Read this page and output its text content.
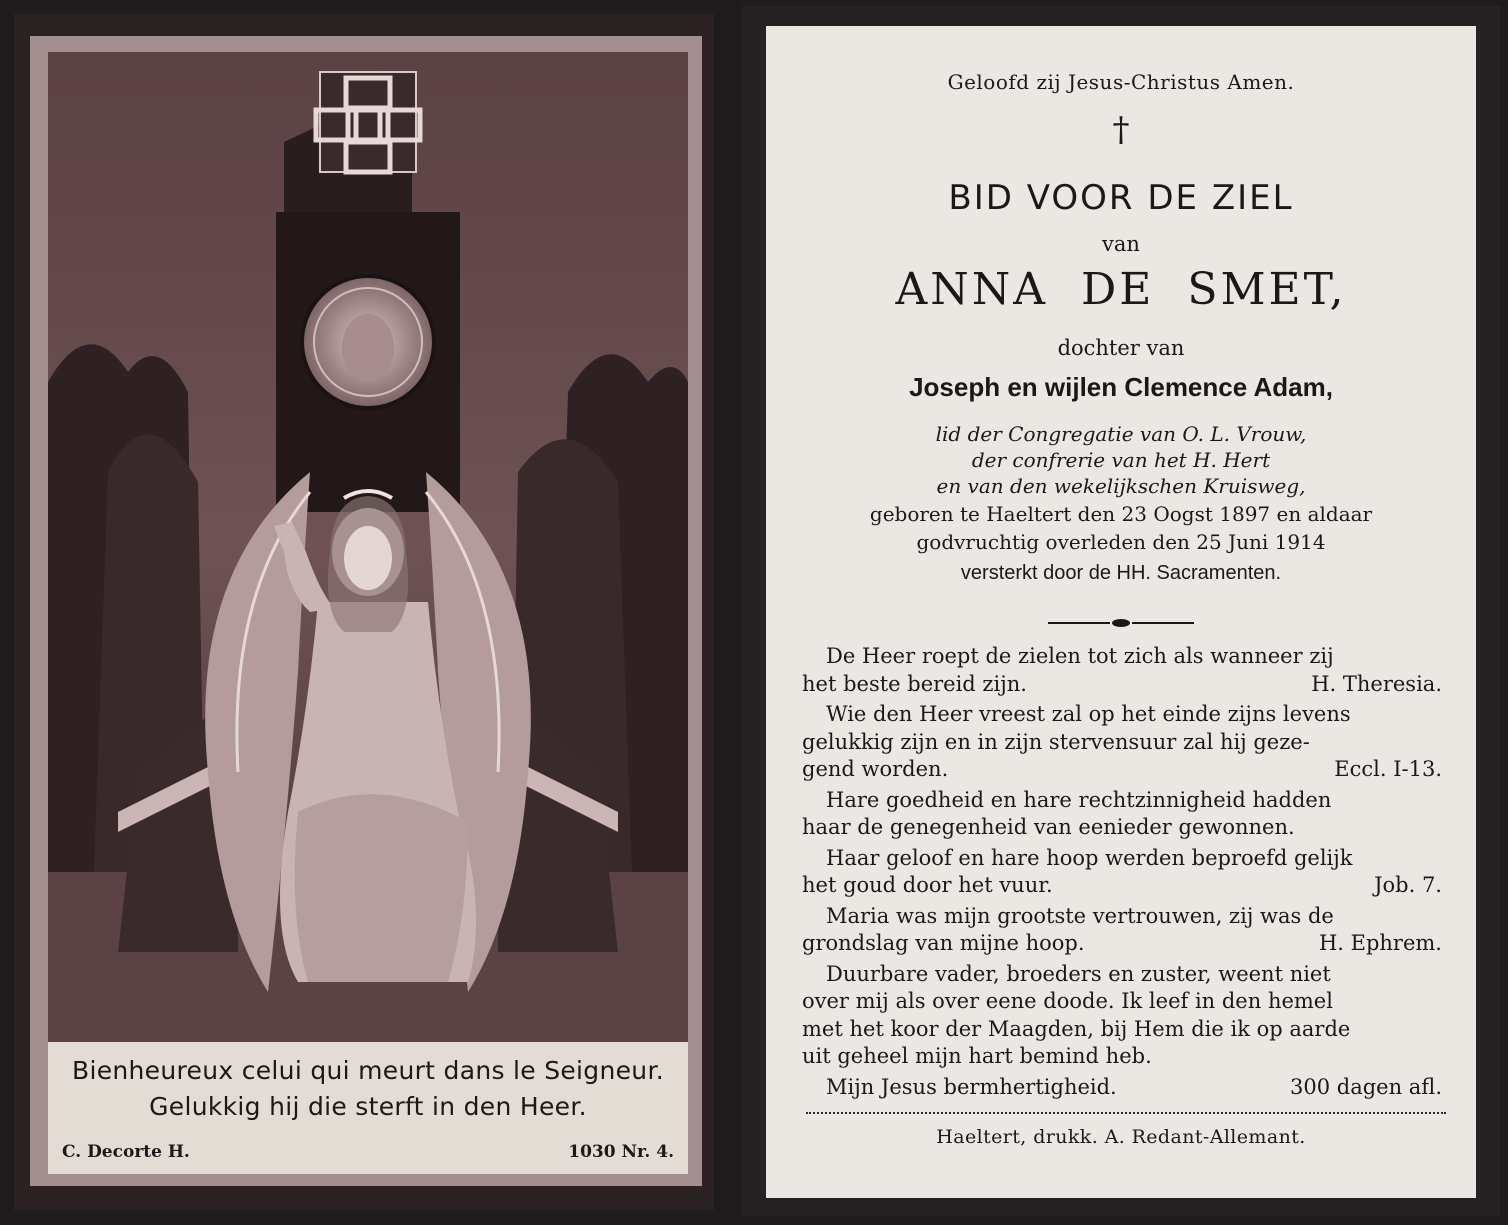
Bienheureux celui qui meurt dans le Seigneur.
Gelukkig hij die sterft in den Heer.
C. Decorte H.	1030 Nr. 4.
Geloofd zij Jesus-Christus Amen.
†
BID VOOR DE ZIEL
van
ANNA DE SMET,
dochter van
Joseph en wijlen Clemence Adam,
lid der Congregatie van O. L. Vrouw,
der confrerie van het H. Hert
en van den wekelijkschen Kruisweg,
geboren te Haeltert den 23 Oogst 1897 en aldaar
godvruchtig overleden den 25 Juni 1914
versterkt door de HH. Sacramenten.
De Heer roept de zielen tot zich als wanneer zij
het beste bereid zijn.	H. Theresia.
Wie den Heer vreest zal op het einde zijns levens
gelukkig zijn en in zijn stervensuur zal hij geze-
gend worden.	Eccl. I-13.
Hare goedheid en hare rechtzinnigheid hadden
haar de genegenheid van eenieder gewonnen.
Haar geloof en hare hoop werden beproefd gelijk
het goud door het vuur.	Job. 7.
Maria was mijn grootste vertrouwen, zij was de
grondslag van mijne hoop.	H. Ephrem.
Duurbare vader, broeders en zuster, weent niet
over mij als over eene doode. Ik leef in den hemel
met het koor der Maagden, bij Hem die ik op aarde
uit geheel mijn hart bemind heb.
Mijn Jesus bermhertigheid.	300 dagen afl.
Haeltert, drukk. A. Redant-Allemant.
